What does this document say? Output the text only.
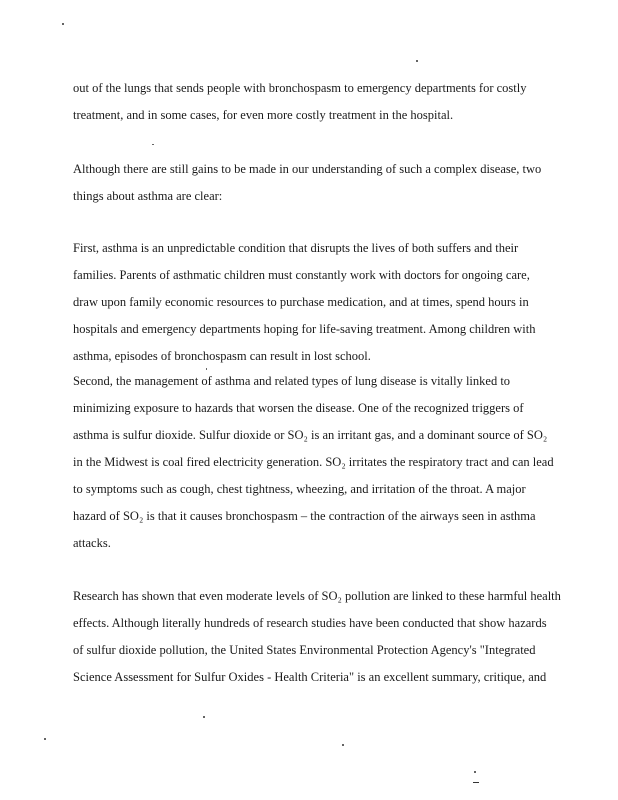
out of the lungs that sends people with bronchospasm to emergency departments for costly
treatment, and in some cases, for even more costly treatment in the hospital.
Although there are still gains to be made in our understanding of such a complex disease, two
things about asthma are clear:
First, asthma is an unpredictable condition that disrupts the lives of both suffers and their
families. Parents of asthmatic children must constantly work with doctors for ongoing care,
draw upon family economic resources to purchase medication, and at times, spend hours in
hospitals and emergency departments hoping for life-saving treatment. Among children with
asthma, episodes of bronchospasm can result in lost school.
Second, the management of asthma and related types of lung disease is vitally linked to
minimizing exposure to hazards that worsen the disease. One of the recognized triggers of
asthma is sulfur dioxide. Sulfur dioxide or SO₂ is an irritant gas, and a dominant source of SO₂
in the Midwest is coal fired electricity generation. SO₂ irritates the respiratory tract and can lead
to symptoms such as cough, chest tightness, wheezing, and irritation of the throat. A major
hazard of SO₂ is that it causes bronchospasm – the contraction of the airways seen in asthma
attacks.
Research has shown that even moderate levels of SO₂ pollution are linked to these harmful health
effects. Although literally hundreds of research studies have been conducted that show hazards
of sulfur dioxide pollution, the United States Environmental Protection Agency's "Integrated
Science Assessment for Sulfur Oxides - Health Criteria" is an excellent summary, critique, and
